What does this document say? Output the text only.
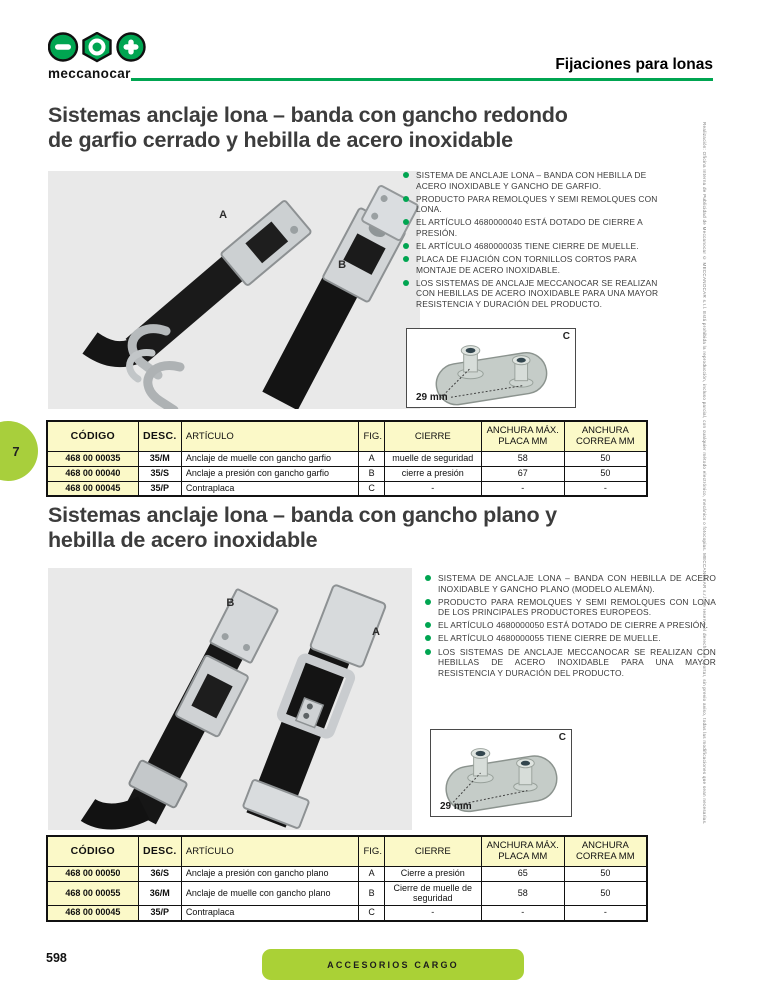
meccanocar
Fijaciones para lonas
Sistemas anclaje lona – banda con gancho redondo
de garfio cerrado y hebilla de acero inoxidable
A
B
SISTEMA DE ANCLAJE LONA – BANDA CON HEBILLA DE ACERO INOXIDABLE Y GANCHO DE GARFIO.
PRODUCTO PARA REMOLQUES Y SEMI REMOLQUES CON LONA.
EL ARTÍCULO 4680000040 ESTÁ DOTADO DE CIERRE A PRESIÓN.
EL ARTÍCULO 4680000035 TIENE CIERRE DE MUELLE.
PLACA DE FIJACIÓN CON TORNILLOS CORTOS PARA MONTAJE DE ACERO INOXIDABLE.
LOS SISTEMAS DE ANCLAJE MECCANOCAR SE REALIZAN CON HEBILLAS DE ACERO INOXIDABLE PARA UNA MAYOR RESISTENCIA Y DURACIÓN DEL PRODUCTO.
C
29 mm
CÓDIGO	DESC.	ARTÍCULO	FIG.	CIERRE	ANCHURA MÁX. PLACA MM	ANCHURA CORREA MM
468 00 00035	35/M	Anclaje de muelle con gancho garfio	A	muelle de seguridad	58	50
468 00 00040	35/S	Anclaje a presión con gancho garfio	B	cierre a presión	67	50
468 00 00045	35/P	Contraplaca	C	-	-	-
7
Sistemas anclaje lona – banda con gancho plano y
hebilla de acero inoxidable
B
A
SISTEMA DE ANCLAJE LONA – BANDA CON HEBILLA DE ACERO INOXIDABLE Y GANCHO PLANO (MODELO ALEMÁN).
PRODUCTO PARA REMOLQUES Y SEMI REMOLQUES CON LONA DE LOS PRINCIPALES PRODUCTORES EUROPEOS.
EL ARTÍCULO 4680000050 ESTÁ DOTADO DE CIERRE A PRESIÓN.
EL ARTÍCULO 4680000055 TIENE CIERRE DE MUELLE.
LOS SISTEMAS DE ANCLAJE MECCANOCAR SE REALIZAN CON HEBILLAS DE ACERO INOXIDABLE PARA UNA MAYOR RESISTENCIA Y DURACIÓN DEL PRODUCTO.
C
29 mm
CÓDIGO	DESC.	ARTÍCULO	FIG.	CIERRE	ANCHURA MÁX. PLACA MM	ANCHURA CORREA MM
468 00 00050	36/S	Anclaje a presión con gancho plano	A	Cierre a presión	65	50
468 00 00055	36/M	Anclaje de muelle con gancho plano	B	Cierre de muelle de seguridad	58	50
468 00 00045	35/P	Contraplaca	C	-	-	-
598	ACCESORIOS CARGO
Realización: Oficina Interna de Publicidad de Meccanocar © MECCANOCAR s.r.l. Está prohibida la reproducción, incluso parcial, con cualquier método electrónico, mecánico o fotocopias. MECCANOCAR s.r.l. se reserva el derecho de aportar, sin previo aviso, todas las modificaciones que sean necesarias.
